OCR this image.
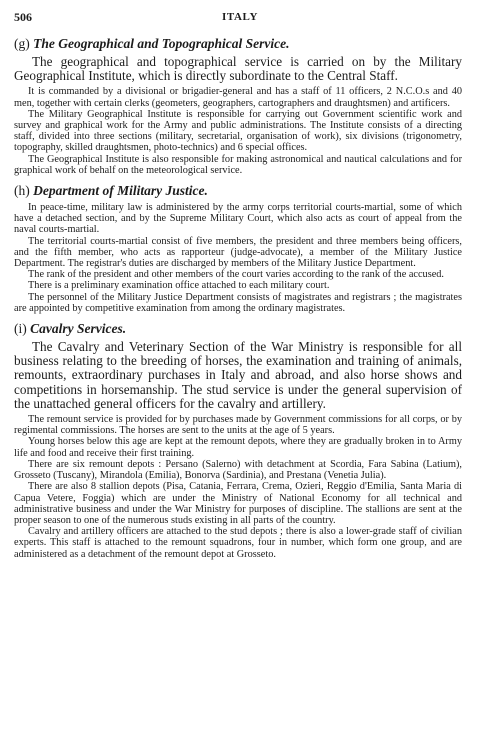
506	ITALY
(g) The Geographical and Topographical Service.

The geographical and topographical service is carried on by the Military Geographical Institute, which is directly subordinate to the Central Staff.

It is commanded by a divisional or brigadier-general and has a staff of 11 officers, 2 N.C.O.s and 40 men, together with certain clerks (geometers, geographers, cartographers and draughtsmen) and artificers.

The Military Geographical Institute is responsible for carrying out Government scientific work and survey and graphical work for the Army and public administrations. The Institute consists of a directing staff, divided into three sections (military, secretarial, organisation of work), six divisions (trigonometry, topography, skilled draughtsmen, photo-technics) and 6 special offices.

The Geographical Institute is also responsible for making astronomical and nautical calculations and for graphical work of behalf on the meteorological service.

(h) Department of Military Justice.

In peace-time, military law is administered by the army corps territorial courts-martial, some of which have a detached section, and by the Supreme Military Court, which also acts as court of appeal from the naval courts-martial.

The territorial courts-martial consist of five members, the president and three members being officers, and the fifth member, who acts as rapporteur (judge-advocate), a member of the Military Justice Department. The registrar's duties are discharged by members of the Military Justice Department.

The rank of the president and other members of the court varies according to the rank of the accused.

There is a preliminary examination office attached to each military court.

The personnel of the Military Justice Department consists of magistrates and registrars ; the magistrates are appointed by competitive examination from among the ordinary magistrates.

(i) Cavalry Services.

The Cavalry and Veterinary Section of the War Ministry is responsible for all business relating to the breeding of horses, the examination and training of animals, remounts, extraordinary purchases in Italy and abroad, and also horse shows and competitions in horsemanship. The stud service is under the general supervision of the unattached general officers for the cavalry and artillery.

The remount service is provided for by purchases made by Government commissions for all corps, or by regimental commissions. The horses are sent to the units at the age of 5 years.

Young horses below this age are kept at the remount depots, where they are gradually broken in to Army life and food and receive their first training.

There are six remount depots : Persano (Salerno) with detachment at Scordia, Fara Sabina (Latium), Grosseto (Tuscany), Mirandola (Emilia), Bonorva (Sardinia), and Prestana (Venetia Julia).

There are also 8 stallion depots (Pisa, Catania, Ferrara, Crema, Ozieri, Reggio d'Emilia, Santa Maria di Capua Vetere, Foggia) which are under the Ministry of National Economy for all technical and administrative business and under the War Ministry for purposes of discipline. The stallions are sent at the proper season to one of the numerous studs existing in all parts of the country.

Cavalry and artillery officers are attached to the stud depots ; there is also a lower-grade staff of civilian experts. This staff is attached to the remount squadrons, four in number, which form one group, and are administered as a detachment of the remount depot at Grosseto.
